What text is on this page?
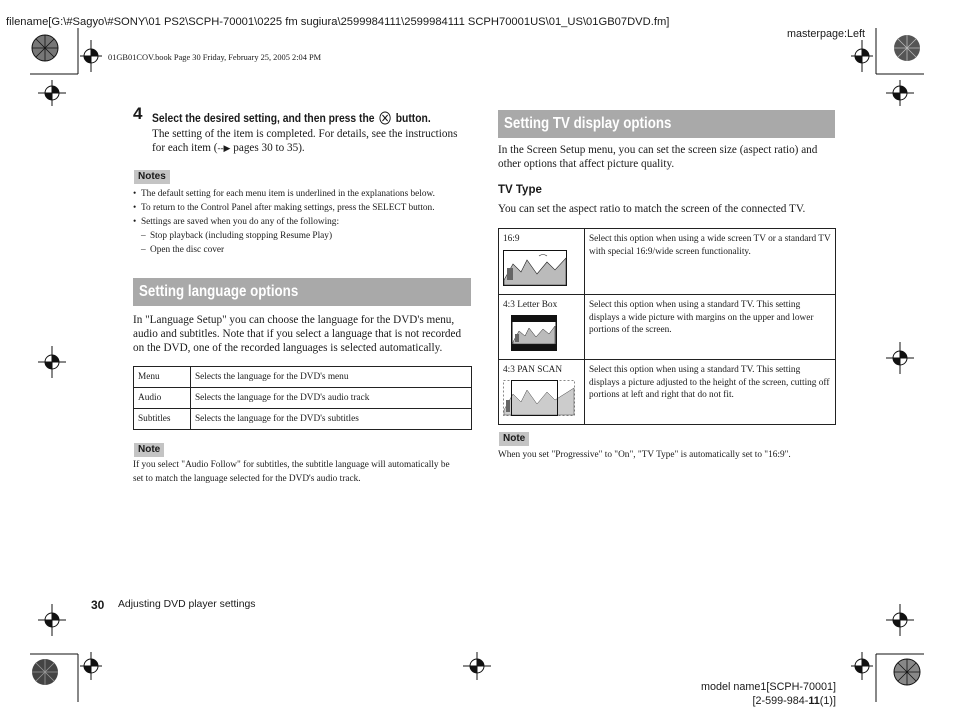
filename[G:\#Sagyo\#SONY\01 PS2\SCPH-70001\0225 fm sugiura\2599984111\2599984111 SCPH70001US\01_US\01GB07DVD.fm]
masterpage:Left
01GB01COV.book Page 30 Friday, February 25, 2005 2:04 PM
4 Select the desired setting, and then press the button.
The setting of the item is completed. For details, see the instructions
for each item (--▶ pages 30 to 35).
Notes
• The default setting for each menu item is underlined in the explanations below.
• To return to the Control Panel after making settings, press the SELECT button.
• Settings are saved when you do any of the following:
– Stop playback (including stopping Resume Play)
– Open the disc cover
Setting language options
In "Language Setup" you can choose the language for the DVD's menu,
audio and subtitles. Note that if you select a language that is not recorded
on the DVD, one of the recorded languages is selected automatically.
Menu	Selects the language for the DVD's menu
Audio	Selects the language for the DVD's audio track
Subtitles	Selects the language for the DVD's subtitles
Note
If you select "Audio Follow" for subtitles, the subtitle language will automatically be
set to match the language selected for the DVD's audio track.
Setting TV display options
In the Screen Setup menu, you can set the screen size (aspect ratio) and
other options that affect picture quality.
TV Type
You can set the aspect ratio to match the screen of the connected TV.
16:9	Select this option when using a wide screen TV or a standard TV with special 16:9/wide screen functionality.

4:3 Letter Box	Select this option when using a standard TV. This setting displays a wide picture with margins on the upper and lower portions of the screen.

4:3 PAN SCAN	Select this option when using a standard TV. This setting displays a picture adjusted to the height of the screen, cutting off portions at left and right that do not fit.
Note
When you set "Progressive" to "On", "TV Type" is automatically set to "16:9".
30 Adjusting DVD player settings
model name1[SCPH-70001]
[2-599-984-11(1)]
